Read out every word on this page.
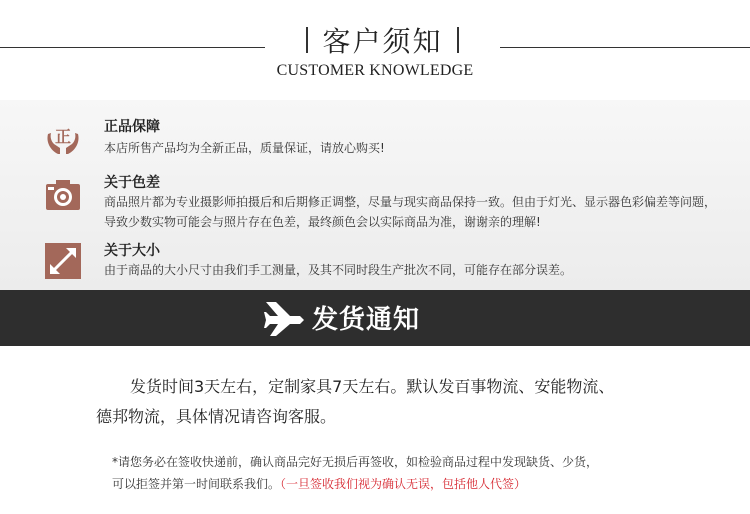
客户须知
CUSTOMER KNOWLEDGE
正 正品保障
本店所售产品均为全新正品，质量保证，请放心购买!
关于色差
商品照片都为专业摄影师拍摄后和后期修正调整，尽量与现实商品保持一致。但由于灯光、显示器色彩偏差等问题，导致少数实物可能会与照片存在色差，最终颜色会以实际商品为准，谢谢亲的理解!
关于大小
由于商品的大小尺寸由我们手工测量，及其不同时段生产批次不同，可能存在部分误差。
发货通知
发货时间3天左右，定制家具7天左右。默认发百事物流、安能物流、
德邦物流，具体情况请咨询客服。
*请您务必在签收快递前，确认商品完好无损后再签收，如检验商品过程中发现缺货、少货，
可以拒签并第一时间联系我们。（一旦签收我们视为确认无误，包括他人代签）
